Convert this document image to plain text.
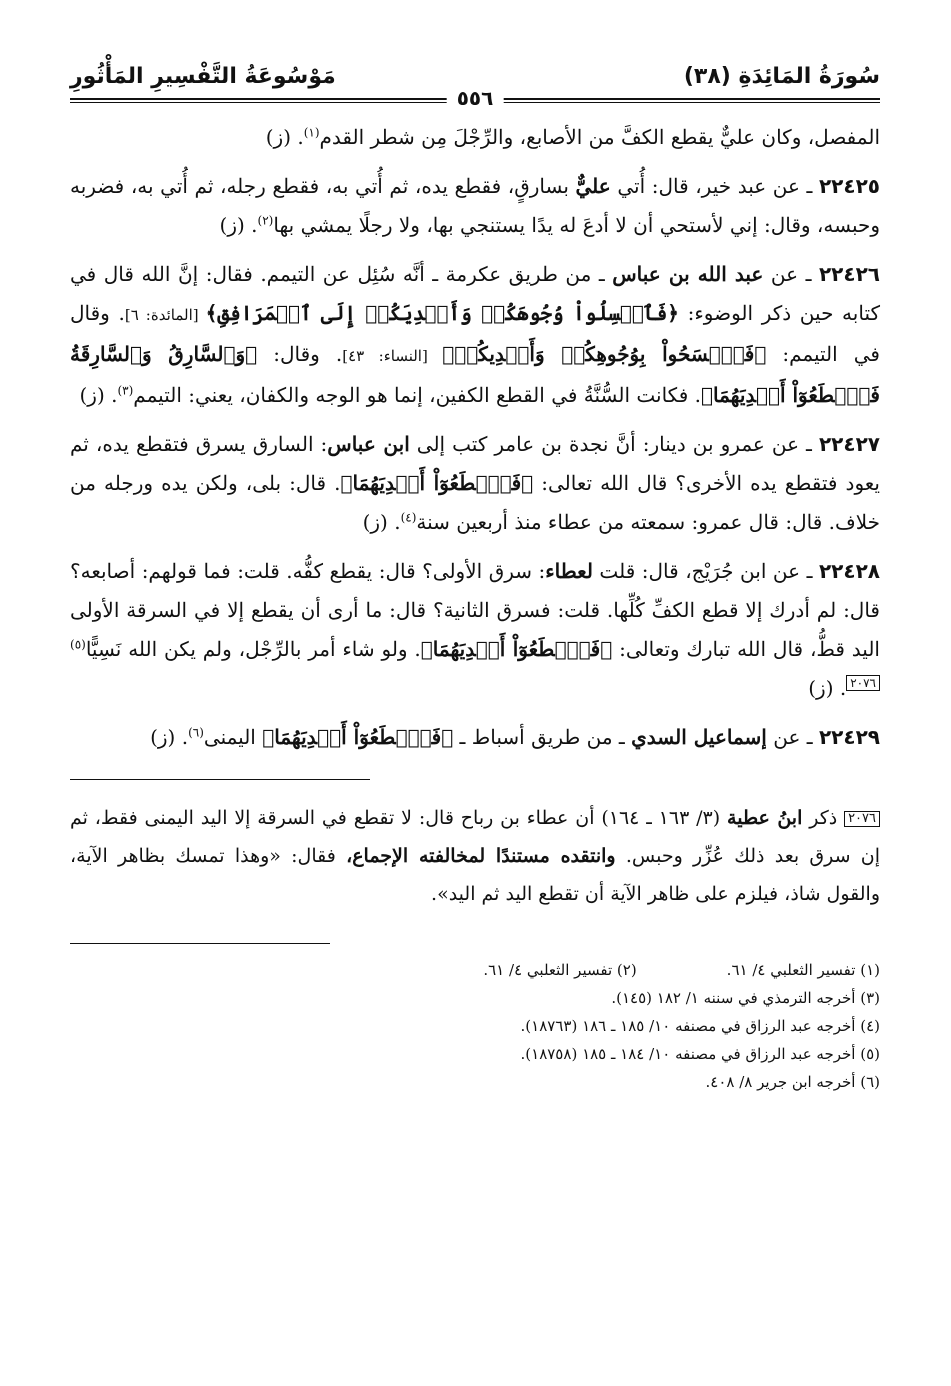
سُورَةُ المَائِدَةِ (٣٨)
مَوْسُوعَةُ التَّفْسِيرِ المَأْثُورِ
٥٥٦

المفصل، وكان عليٌّ يقطع الكفَّ من الأصابع، والرِّجْلَ مِن شطر القدم$^{(١)}$. (ز)

٢٢٤٢٥ ـ عن عبد خير، قال: أُتي عليٌّ بسارقٍ، فقطع يده، ثم أُتي به، فقطع رجله، ثم أُتي به، فضربه وحبسه، وقال: إني لأستحي أن لا أدعَ له يدًا يستنجي بها، ولا رجلًا يمشي بها$^{(٢)}$. (ز)

٢٢٤٢٦ ـ عن عبد الله بن عباس ـ من طريق عكرمة ـ أنَّه سُئِل عن التيمم. فقال: إنَّ الله قال في كتابه حين ذكر الوضوء: ﴿فَٱغۡسِلُواْ وُجُوهَكُمۡ وَأَيۡدِيَكُمۡ إِلَى ٱلۡمَرَافِقِ﴾ [المائدة: ٦]. وقال في التيمم: ﴿فَٱمۡسَحُواْ بِوُجُوهِكُمۡ وَأَيۡدِيكُمۡ﴾ [النساء: ٤٣]. وقال: ﴿وَٱلسَّارِقُ وَٱلسَّارِقَةُ فَٱقۡطَعُوٓاْ أَيۡدِيَهُمَا﴾. فكانت السُّنَّةُ في القطع الكفين، إنما هو الوجه والكفان، يعني: التيمم$^{(٣)}$. (ز)

٢٢٤٢٧ ـ عن عمرو بن دينار: أنَّ نجدة بن عامر كتب إلى ابن عباس: السارق يسرق فتقطع يده، ثم يعود فتقطع يده الأخرى؟ قال الله تعالى: ﴿فَٱقۡطَعُوٓاْ أَيۡدِيَهُمَا﴾. قال: بلى، ولكن يده ورجله من خلاف. قال: قال عمرو: سمعته من عطاء منذ أربعين سنة$^{(٤)}$. (ز)

٢٢٤٢٨ ـ عن ابن جُرَيْج، قال: قلت لعطاء: سرق الأولى؟ قال: يقطع كفُّه. قلت: فما قولهم: أصابعه؟ قال: لم أدرك إلا قطع الكفِّ كُلِّها. قلت: فسرق الثانية؟ قال: ما أرى أن يقطع إلا في السرقة الأولى اليد قطُّ، قال الله تبارك وتعالى: ﴿فَٱقۡطَعُوٓاْ أَيۡدِيَهُمَا﴾. ولو شاء أمر بالرِّجْل، ولم يكن الله نَسِيًّا$^{(٥)}$٢٠٧٦. (ز)

٢٢٤٢٩ ـ عن إسماعيل السدي ـ من طريق أسباط ـ ﴿فَٱقۡطَعُوٓاْ أَيۡدِيَهُمَا﴾ اليمنى$^{(٦)}$. (ز)

٢٠٧٦ ذكر ابنُ عطية (٣/ ١٦٣ ـ ١٦٤) أن عطاء بن رباح قال: لا تقطع في السرقة إلا اليد اليمنى فقط، ثم إن سرق بعد ذلك عُزِّر وحبس. وانتقده مستندًا لمخالفته الإجماع، فقال: «وهذا تمسك بظاهر الآية، والقول شاذ، فيلزم على ظاهر الآية أن تقطع اليد ثم اليد».

(١) تفسير الثعلبي ٤/ ٦١.
(٢) تفسير الثعلبي ٤/ ٦١.
(٣) أخرجه الترمذي في سننه ١/ ١٨٢ (١٤٥).
(٤) أخرجه عبد الرزاق في مصنفه ١٠/ ١٨٥ ـ ١٨٦ (١٨٧٦٣).
(٥) أخرجه عبد الرزاق في مصنفه ١٠/ ١٨٤ ـ ١٨٥ (١٨٧٥٨).
(٦) أخرجه ابن جرير ٨/ ٤٠٨.
